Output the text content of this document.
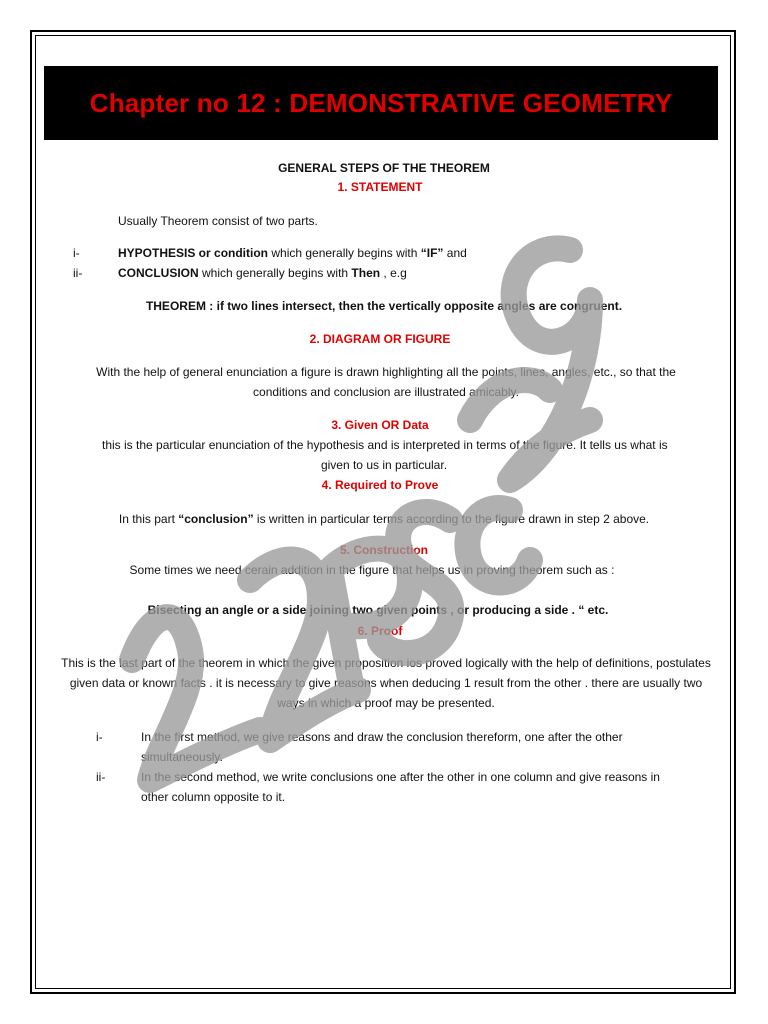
Chapter no 12 : DEMONSTRATIVE GEOMETRY
GENERAL STEPS OF THE THEOREM
1. STATEMENT
Usually Theorem consist of two parts.
i-	HYPOTHESIS or condition which generally begins with “IF” and
ii-	CONCLUSION which generally begins with Then , e.g
THEOREM : if two lines intersect, then the vertically opposite angles are congruent.
2. DIAGRAM OR FIGURE
With the help of general enunciation a figure is drawn highlighting all the points, lines, angles, etc., so that the conditions and conclusion are illustrated amicably.
3. Given OR Data
this is the particular enunciation of the hypothesis and is interpreted in terms of the figure. It tells us what is
given to us in particular.
4. Required to Prove
In this part “conclusion” is written in particular terms according to the figure drawn in step 2 above.
5. Construction
Some times we need cerain addition in the figure that helps us in proving theorem such as :
Bisecting an angle or a side joining two given points , or producing a side . “ etc.
6. Proof
This is the last part of the theorem in which the given proposition ios proved logically with the help of definitions, postulates given data or known facts . it is necessary to give reasons when deducing 1 result from the other . there are usually two ways in which a proof may be presented.
i-	In the first method, we give reasons and draw the conclusion thereform, one after the other
simultaneously.
ii-	In the second method, we write conclusions one after the other in one column and give reasons in
other column opposite to it.
